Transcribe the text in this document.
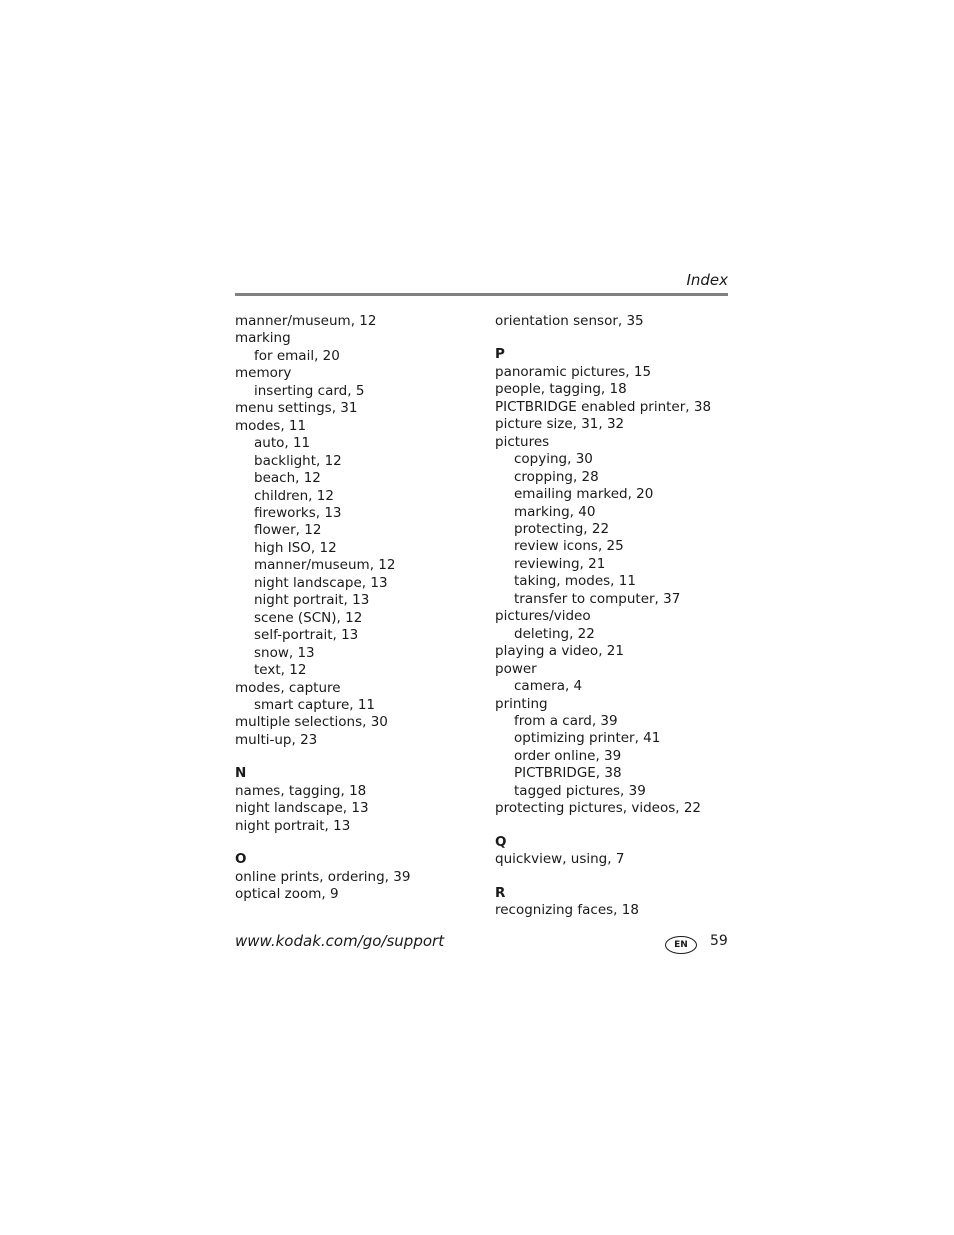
Index
manner/museum, 12
marking
for email, 20
memory
inserting card, 5
menu settings, 31
modes, 11
auto, 11
backlight, 12
beach, 12
children, 12
fireworks, 13
flower, 12
high ISO, 12
manner/museum, 12
night landscape, 13
night portrait, 13
scene (SCN), 12
self-portrait, 13
snow, 13
text, 12
modes, capture
smart capture, 11
multiple selections, 30
multi-up, 23
N
names, tagging, 18
night landscape, 13
night portrait, 13
O
online prints, ordering, 39
optical zoom, 9
orientation sensor, 35
P
panoramic pictures, 15
people, tagging, 18
PICTBRIDGE enabled printer, 38
picture size, 31, 32
pictures
copying, 30
cropping, 28
emailing marked, 20
marking, 40
protecting, 22
review icons, 25
reviewing, 21
taking, modes, 11
transfer to computer, 37
pictures/video
deleting, 22
playing a video, 21
power
camera, 4
printing
from a card, 39
optimizing printer, 41
order online, 39
PICTBRIDGE, 38
tagged pictures, 39
protecting pictures, videos, 22
Q
quickview, using, 7
R
recognizing faces, 18
www.kodak.com/go/support	EN	59
